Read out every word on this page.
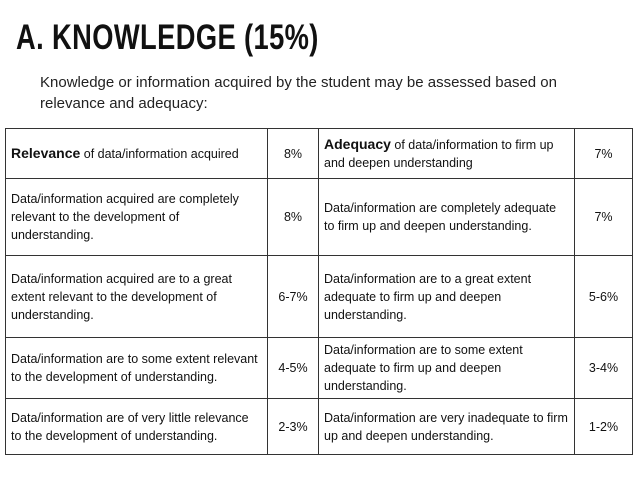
A. KNOWLEDGE (15%)
Knowledge or information acquired by the student may be assessed based on relevance and adequacy:
Relevance of data/information acquired	8%	Adequacy of data/information to firm up and deepen understanding	7%
Data/information acquired are completely relevant to the development of understanding.	8%	Data/information are completely adequate to firm up and deepen understanding.	7%
Data/information acquired are to a great extent relevant to the development of understanding.	6-7%	Data/information are to a great extent adequate to firm up and deepen understanding.	5-6%
Data/information are to some extent relevant to the development of understanding.	4-5%	Data/information are to some extent adequate to firm up and deepen understanding.	3-4%
Data/information are of very little relevance to the development of understanding.	2-3%	Data/information are very inadequate to firm up and deepen understanding.	1-2%
